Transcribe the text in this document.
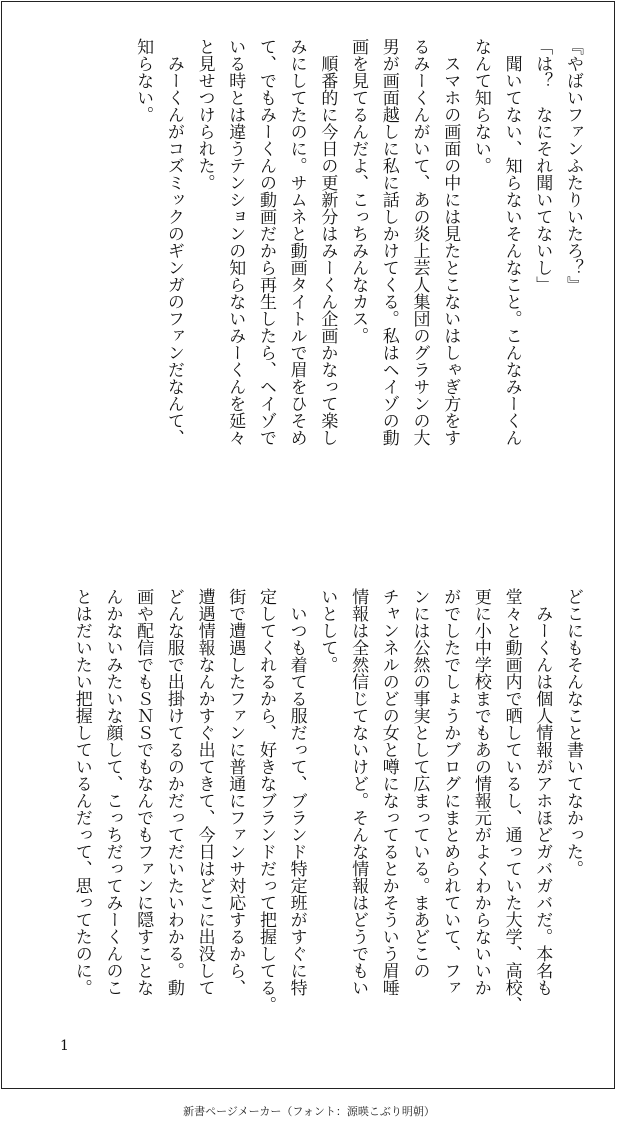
『やばいファンふたりいたろ？』

「は？　なにそれ聞いてないし」

　聞いてない、知らないそんなこと。こんなみーくん

なんて知らない。

　スマホの画面の中には見たとこないはしゃぎ方をす

るみーくんがいて、あの炎上芸人集団のグラサンの大

男が画面越しに私に話しかけてくる。私はヘイゾの動

画を見てるんだよ、こっちみんなカス。

　順番的に今日の更新分はみーくん企画かなって楽し

みにしてたのに。サムネと動画タイトルで眉をひそめ

て、でもみーくんの動画だから再生したら、ヘイゾで

いる時とは違うテンションの知らないみーくんを延々

と見せつけられた。

　みーくんがコズミックのギンガのファンだなんて、

知らない。

どこにもそんなこと書いてなかった。

　みーくんは個人情報がアホほどガバガバだ。本名も

堂々と動画内で晒しているし、通っていた大学、高校、

更に小中学校までもあの情報元がよくわからないいか

がでしたでしょうかブログにまとめられていて、ファ

ンには公然の事実として広まっている。まあどこの

チャンネルのどの女と噂になってるとかそういう眉唾

情報は全然信じてないけど。そんな情報はどうでもい

いとして。

　いつも着てる服だって、ブランド特定班がすぐに特

定してくれるから、好きなブランドだって把握してる。

街で遭遇したファンに普通にファンサ対応するから、

遭遇情報なんかすぐ出てきて、今日はどこに出没して

どんな服で出掛けてるのかだってだいたいわかる。動

画や配信でもＳＮＳでもなんでもファンに隠すことな

んかないみたいな顔して、こっちだってみーくんのこ

とはだいたい把握しているんだって、思ってたのに。

1
新書ページメーカー（フォント：源暎こぶり明朝）
